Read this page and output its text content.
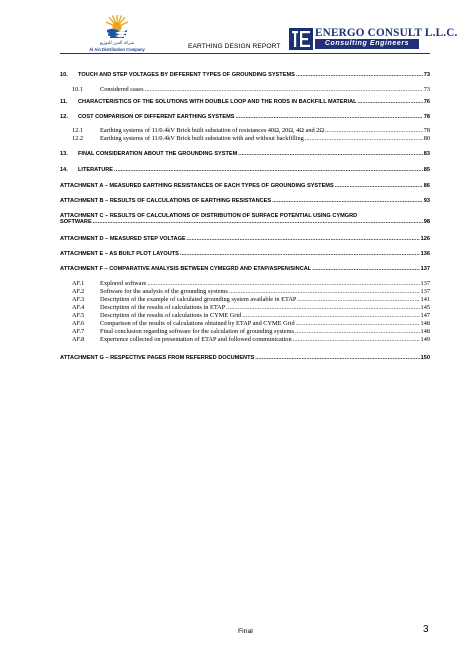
شركة العين للتوزيع
Al Ain Distribution Company	EARTHING DESIGN REPORT
ENERGO CONSULT L.L.C.
Consulting Engineers
10.	TOUCH AND STEP VOLTAGES BY DIFFERENT TYPES OF GROUNDING SYSTEMS .....	73
10.1	Considered cases .....	73
11.	CHARACTERISTICS OF THE SOLUTIONS WITH DOUBLE LOOP AND THE RODS IN BACKFILL MATERIAL .....	76
12.	COST COMPARISON OF DIFFERENT EARTHING SYSTEMS .....	78
12.1	Earthing systems of 11/0.4kV Brick built substation of resistances 40Ω, 20Ω, 4Ω and 2Ω .....	78
12.2	Earthing systems of 11/0.4kV Brick built substation with and without backfilling .....	80
13.	FINAL CONSIDERATION ABOUT THE GROUNDING SYSTEM .....	83
14.	LITERATURE .....	85
ATTACHMENT A – MEASURED EARTHING RESISTANCES OF EACH TYPES OF GROUNDING SYSTEMS .....	86
ATTACHMENT B – RESULTS OF CALCULATIONS OF EARTHING RESISTANCES .....	93
ATTACHMENT C – RESULTS OF CALCULATIONS OF DISTRIBUTION OF SURFACE POTENTIAL USING CYMGRD
SOFTWARE .....	98
ATTACHMENT D – MEASURED STEP VOLTAGE .....	126
ATTACHMENT E – AS BUILT PLOT LAYOUTS .....	136
ATTACHMENT F – COMPARATIVE ANALYSIS BETWEEN CYMEGRD AND ETAP/ASPEN/SINCAL .....	137
AF.1	Explored software .....	137
AF.2	Software for the analysis of the grounding systems .....	137
AF.3	Description of the example of calculated grounding system available in ETAP .....	141
AF.4	Description of the results of calculations in ETAP .....	145
AF.5	Description of the results of calculations in CYME Grid .....	147
AF.6	Comparison of the results of calculations obtained by ETAP and CYME Grid .....	148
AF.7	Final conclusion regarding software for the calculation of grounding systems .....	148
AF.8	Experience collected on presentation of ETAP and followed communication .....	149
ATTACHMENT G – RESPECTIVE PAGES FROM REFERRED DOCUMENTS .....	150
Final	3
